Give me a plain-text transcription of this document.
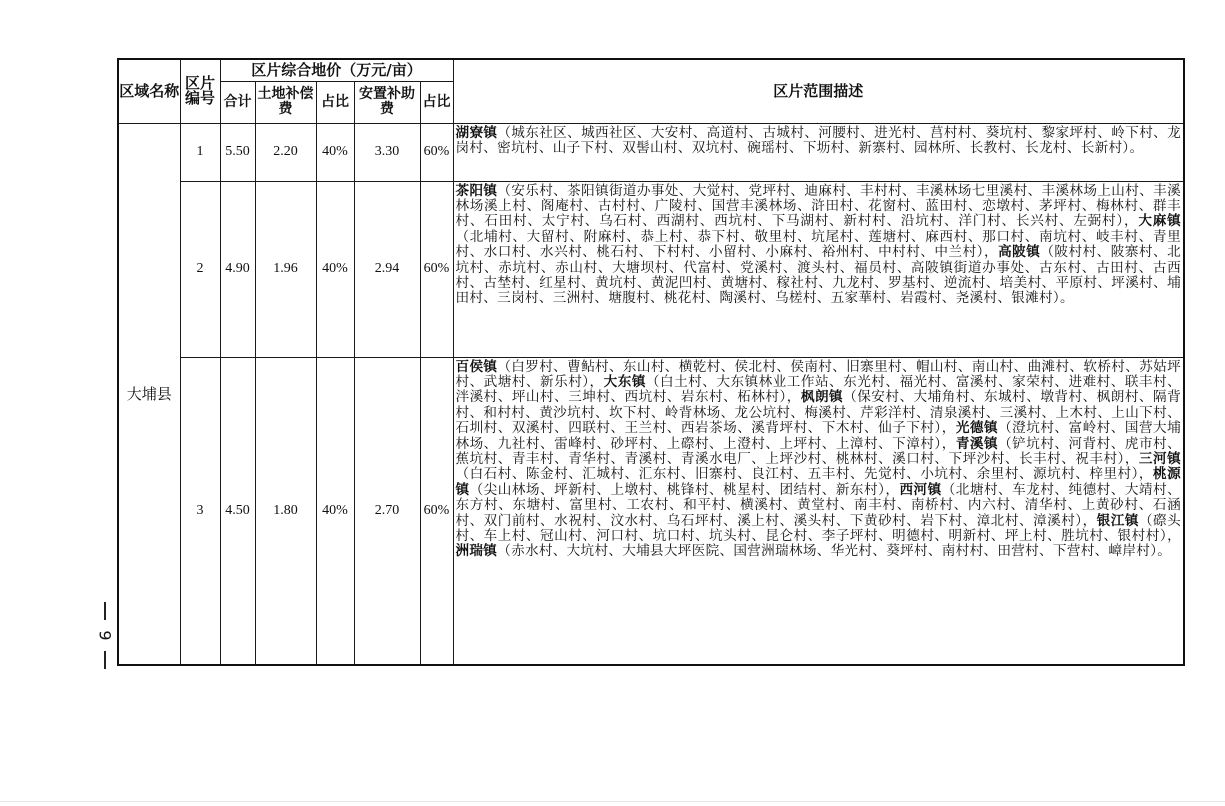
9
区域名称	区片编号	区片综合地价（万元/亩）					区片范围描述
		合计	土地补偿费	占比	安置补助费	占比	
大埔县	1	5.50	2.20	40%	3.30	60%	湖寮镇（城东社区、城西社区、大安村、高道村、古城村、河腰村、进光村、莒村村、葵坑村、黎家坪村、岭下村、龙岗村、密坑村、山子下村、双髻山村、双坑村、碗瑶村、下坜村、新寨村、园林所、长教村、长龙村、长新村）。
	2	4.90	1.96	40%	2.94	60%	茶阳镇（安乐村、茶阳镇街道办事处、大觉村、党坪村、迪麻村、丰村村、丰溪林场七里溪村、丰溪林场上山村、丰溪林场溪上村、阁庵村、古村村、广陵村、国营丰溪林场、浒田村、花窗村、蓝田村、恋墩村、茅坪村、梅林村、群丰村、石田村、太宁村、乌石村、西湖村、西坑村、下马湖村、新村村、沿坑村、洋门村、长兴村、左弼村），大麻镇（北埔村、大留村、附麻村、恭上村、恭下村、敬里村、坑尾村、莲塘村、麻西村、那口村、南坑村、岐丰村、青里村、水口村、水兴村、桃石村、下村村、小留村、小麻村、裕州村、中村村、中兰村），高陂镇（陂村村、陂寨村、北坑村、赤坑村、赤山村、大塘坝村、代富村、党溪村、渡头村、福员村、高陂镇街道办事处、古东村、古田村、古西村、古埜村、红星村、黄坑村、黄泥凹村、黄塘村、稼社村、九龙村、罗基村、逆流村、培美村、平原村、坪溪村、埔田村、三岗村、三洲村、塘腹村、桃花村、陶溪村、乌槎村、五家華村、岩霞村、尧溪村、银滩村）。
	3	4.50	1.80	40%	2.70	60%	百侯镇（白罗村、曹鲇村、东山村、横乾村、侯北村、侯南村、旧寨里村、帽山村、南山村、曲滩村、软桥村、苏姑坪村、武塘村、新乐村），大东镇（白土村、大东镇林业工作站、东光村、福光村、富溪村、家荣村、进难村、联丰村、泮溪村、坪山村、三坤村、西坑村、岩东村、柘林村），枫朗镇（保安村、大埔角村、东城村、墩背村、枫朗村、隔背村、和村村、黄沙坑村、坎下村、岭背林场、龙公坑村、梅溪村、芹彩洋村、清泉溪村、三溪村、上木村、上山下村、石圳村、双溪村、四联村、王兰村、西岩茶场、溪背坪村、下木村、仙子下村），光德镇（澄坑村、富岭村、国营大埔林场、九社村、雷峰村、砂坪村、上磜村、上澄村、上坪村、上漳村、下漳村），青溪镇（铲坑村、河背村、虎市村、蕉坑村、青丰村、青华村、青溪村、青溪水电厂、上坪沙村、桃林村、溪口村、下坪沙村、长丰村、祝丰村），三河镇（白石村、陈金村、汇城村、汇东村、旧寨村、良江村、五丰村、先觉村、小坑村、余里村、源坑村、梓里村），桃源镇（尖山林场、坪新村、上墩村、桃锋村、桃星村、团结村、新东村），西河镇（北塘村、车龙村、纯德村、大靖村、东方村、东塘村、富里村、工农村、和平村、横溪村、黄堂村、南丰村、南桥村、内六村、清华村、上黄砂村、石涵村、双门前村、水祝村、汶水村、乌石坪村、溪上村、溪头村、下黄砂村、岩下村、漳北村、漳溪村），银江镇（磜头村、车上村、冠山村、河口村、坑口村、坑头村、昆仑村、李子坪村、明德村、明新村、坪上村、胜坑村、银村村），洲瑞镇（赤水村、大坑村、大埔县大坪医院、国营洲瑞林场、华光村、葵坪村、南村村、田营村、下营村、嶂岸村）。
